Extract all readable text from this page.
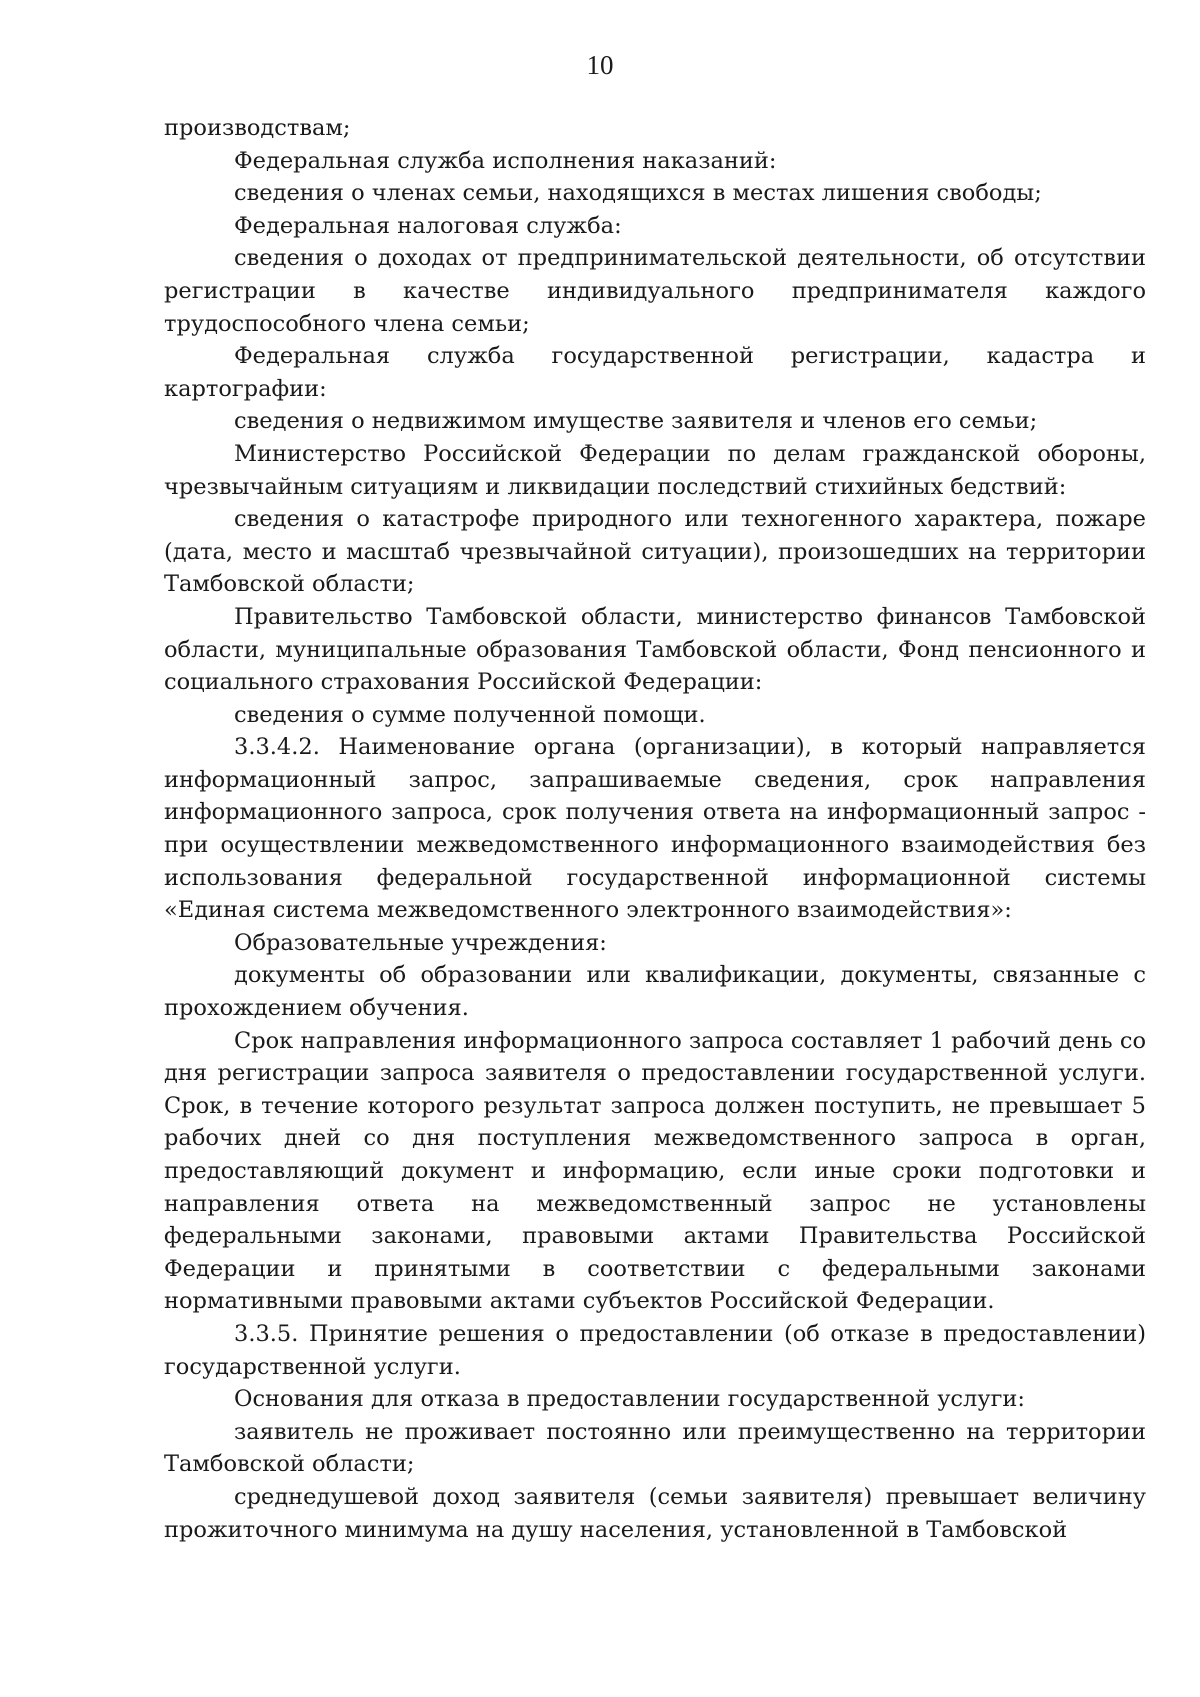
10

производствам;

Федеральная служба исполнения наказаний:

сведения о членах семьи, находящихся в местах лишения свободы;

Федеральная налоговая служба:

сведения о доходах от предпринимательской деятельности, об отсутствии регистрации в качестве индивидуального предпринимателя каждого трудоспособного члена семьи;

Федеральная служба государственной регистрации, кадастра и картографии:

сведения о недвижимом имуществе заявителя и членов его семьи;

Министерство Российской Федерации по делам гражданской обороны, чрезвычайным ситуациям и ликвидации последствий стихийных бедствий:

сведения о катастрофе природного или техногенного характера, пожаре (дата, место и масштаб чрезвычайной ситуации), произошедших на территории Тамбовской области;

Правительство Тамбовской области, министерство финансов Тамбовской области, муниципальные образования Тамбовской области, Фонд пенсионного и социального страхования Российской Федерации:

сведения о сумме полученной помощи.

3.3.4.2. Наименование органа (организации), в который направляется информационный запрос, запрашиваемые сведения, срок направления информационного запроса, срок получения ответа на информационный запрос - при осуществлении межведомственного информационного взаимодействия без использования федеральной государственной информационной системы «Единая система межведомственного электронного взаимодействия»:

Образовательные учреждения:

документы об образовании или квалификации, документы, связанные с прохождением обучения.

Срок направления информационного запроса составляет 1 рабочий день со дня регистрации запроса заявителя о предоставлении государственной услуги. Срок, в течение которого результат запроса должен поступить, не превышает 5 рабочих дней со дня поступления межведомственного запроса в орган, предоставляющий документ и информацию, если иные сроки подготовки и направления ответа на межведомственный запрос не установлены федеральными законами, правовыми актами Правительства Российской Федерации и принятыми в соответствии с федеральными законами нормативными правовыми актами субъектов Российской Федерации.

3.3.5. Принятие решения о предоставлении (об отказе в предоставлении) государственной услуги.

Основания для отказа в предоставлении государственной услуги:

заявитель не проживает постоянно или преимущественно на территории Тамбовской области;

среднедушевой доход заявителя (семьи заявителя) превышает величину прожиточного минимума на душу населения, установленной в Тамбовской
